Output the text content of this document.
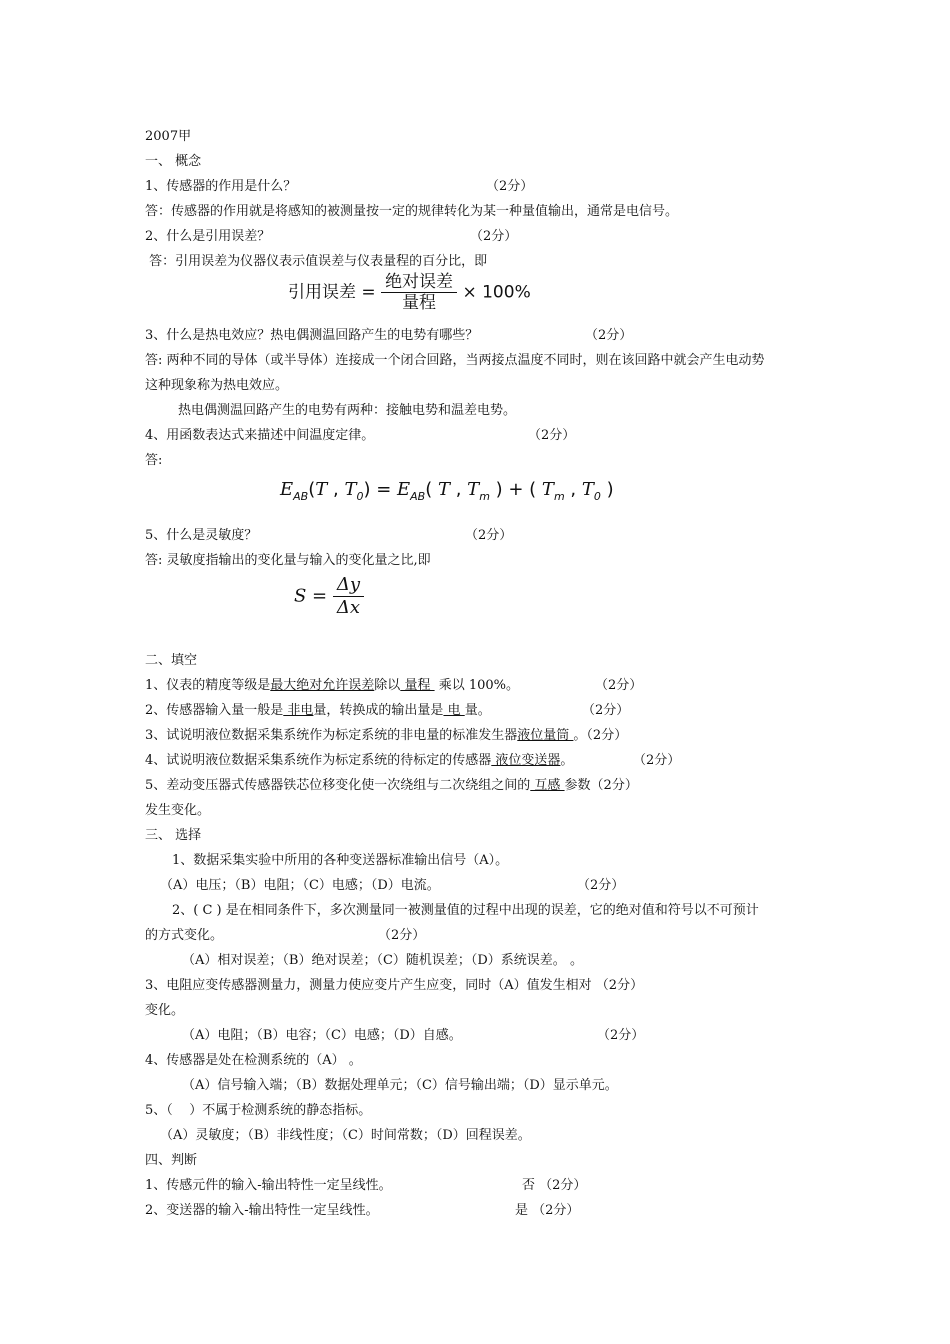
2007甲
一、 概念
1、传感器的作用是什么？	（2分）
答：传感器的作用就是将感知的被测量按一定的规律转化为某一种量值输出，通常是电信号。
2、什么是引用误差？	（2分）
答：引用误差为仪器仪表示值误差与仪表量程的百分比，即
引用误差 = $\frac{\text{绝对误差}}{\text{量程}} \times 100\%$
3、什么是热电效应？热电偶测温回路产生的电势有哪些？	（2分）
答: 两种不同的导体（或半导体）连接成一个闭合回路，当两接点温度不同时，则在该回路中就会产生电动势
这种现象称为热电效应。
热电偶测温回路产生的电势有两种：接触电势和温差电势。
4、用函数表达式来描述中间温度定律。	（2分）
答:
$E_{AB}(T$ , $T_0) = E_{AB}$( T , $T_m$ ) + ( $T_m$ , $T_0$ )
5、什么是灵敏度？	（2分）
答: 灵敏度指输出的变化量与输入的变化量之比,即
$S = \frac{\Delta y}{\Delta x}$
二、填空
1、仪表的精度等级是最大绝对允许误差除以 量程  乘以 100%。	（2分）
2、传感器输入量一般是 非电量，转换成的输出量是 电 量。	（2分）
3、试说明液位数据采集系统作为标定系统的非电量的标准发生器液位量筒 。（2分）
4、试说明液位数据采集系统作为标定系统的待标定的传感器 液位变送器。	（2分）
5、差动变压器式传感器铁芯位移变化使一次绕组与二次绕组之间的 互感 参数（2分）
发生变化。
三、 选择
1、数据采集实验中所用的各种变送器标准输出信号（A）。
（A）电压；（B）电阻；（C）电感；（D）电流。	（2分）
2、( C ) 是在相同条件下，多次测量同一被测量值的过程中出现的误差，它的绝对值和符号以不可预计
的方式变化。	（2分）
（A）相对误差；（B）绝对误差；（C）随机误差；（D）系统误差。 。
3、电阻应变传感器测量力，测量力使应变片产生应变，同时（A）值发生相对 （2分）
变化。
（A）电阻；（B）电容；（C）电感；（D）自感。	（2分）
4、传感器是处在检测系统的（A） 。
（A）信号输入端；（B）数据处理单元；（C）信号输出端；（D）显示单元。
5、（    ）不属于检测系统的静态指标。
（A）灵敏度；（B）非线性度；（C）时间常数；（D）回程误差。
四、判断
1、传感元件的输入-输出特性一定呈线性。	否 （2分）
2、变送器的输入-输出特性一定呈线性。	是 （2分）
